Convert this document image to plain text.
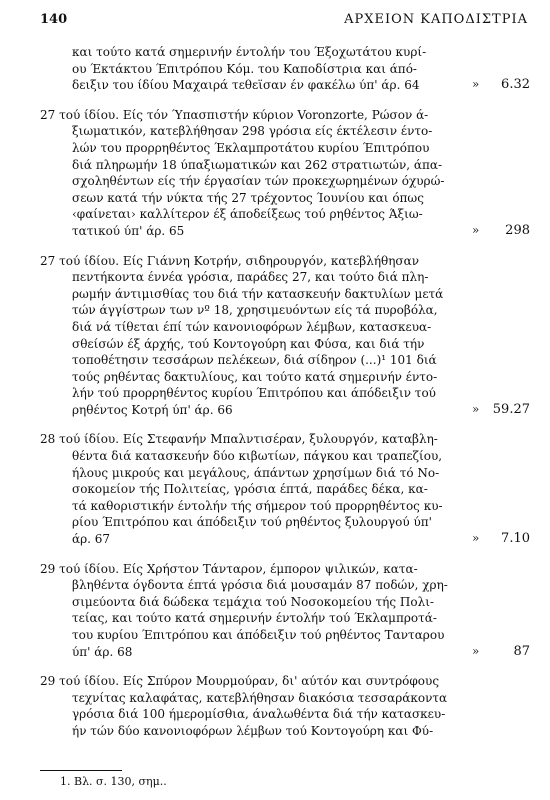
140	ΑΡΧΕΙΟΝ ΚΑΠΟΔΙΣΤΡΙΑ
και τούτο κατά σημερινήν έντολήν του Έξοχωτάτου κυρί-
ου Έκτάκτου Έπιτρόπου Κόμ. του Καποδίστρια και άπό-
δειξιν του ίδίου Μαχαιρά τεθεϊσαν έν φακέλω ύπ' άρ. 64	» 6.32
27 τού ίδίου. Είς τόν Ύπασπιστήν κύριον Voronzorte, Ρώσον ά-
ξιωματικόν, κατεβλήθησαν 298 γρόσια είς έκτέλεσιν έντο-
λών του προρρηθέντος Έκλαμπροτάτου κυρίου Έπιτρόπου
διά πληρωμήν 18 ύπαξιωματικών και 262 στρατιωτών, άπα-
σχοληθέντων είς τήν έργασίαν τών προκεχωρημένων όχυρώ-
σεων κατά τήν νύκτα τής 27 τρέχοντος Ίουνίου και όπως
‹φαίνεται› καλλίτερον έξ άποδείξεως τού ρηθέντος Άξιω-
τατικού ύπ' άρ. 65	» 298
27 τού ίδίου. Είς Γιάννη Κοτρήν, σιδηρουργόν, κατεβλήθησαν
πεντήκοντα έννέα γρόσια, παράδες 27, και τούτο διά πλη-
ρωμήν άντιμισθίας του διά τήν κατασκευήν δακτυλίων μετά
τών άγγίστρων των νº 18, χρησιμευόντων είς τά πυροβόλα,
διά νά τίθεται έπί τών κανονιοφόρων λέμβων, κατασκευα-
σθείσών έξ άρχής, τού Κοντογούρη και Φύσα, και διά τήν
τοποθέτησιν τεσσάρων πελέκεων, διά σίδηρον (...)¹ 101 διά
τούς ρηθέντας δακτυλίους, και τούτο κατά σημερινήν έντο-
λήν τού προρρηθέντος κυρίου Έπιτρόπου και άπόδειξιν τού
ρηθέντος Κοτρή ύπ' άρ. 66	» 59.27
28 τού ίδίου. Είς Στεφανήν Μπαλντισέραν, ξυλουργόν, καταβλη-
θέντα διά κατασκευήν δύο κιβωτίων, πάγκου και τραπεζίου,
ήλους μικρούς και μεγάλους, άπάντων χρησίμων διά τό Νο-
σοκομείον τής Πολιτείας, γρόσια έπτά, παράδες δέκα, κα-
τά καθοριστικήν έντολήν τής σήμερον τού προρρηθέντος κυ-
ρίου Έπιτρόπου και άπόδειξιν τού ρηθέντος ξυλουργού ύπ'
άρ. 67	» 7.10
29 τού ίδίου. Είς Χρήστον Τάνταρον, έμπορον ψιλικών, κατα-
βληθέντα όγδοντα έπτά γρόσια διά μουσαμάν 87 ποδών, χρη-
σιμεύοντα διά δώδεκα τεμάχια τού Νοσοκομείου τής Πολι-
τείας, και τούτο κατά σημερινήν έντολήν τού Έκλαμπροτά-
του κυρίου Έπιτρόπου και άπόδειξιν τού ρηθέντος Τανταρου
ύπ' άρ. 68	»	87
29 τού ίδίου. Είς Σπύρον Μουρμούραν, δι' αύτόν και συντρόφους
τεχνίτας καλαφάτας, κατεβλήθησαν διακόσια τεσσαράκοντα
γρόσια διά 100 ήμερομίσθια, άναλωθέντα διά τήν κατασκευ-
ήν τών δύο κανονιοφόρων λέμβων τού Κοντογούρη και Φύ-
1. Βλ. σ. 130, σημ..
